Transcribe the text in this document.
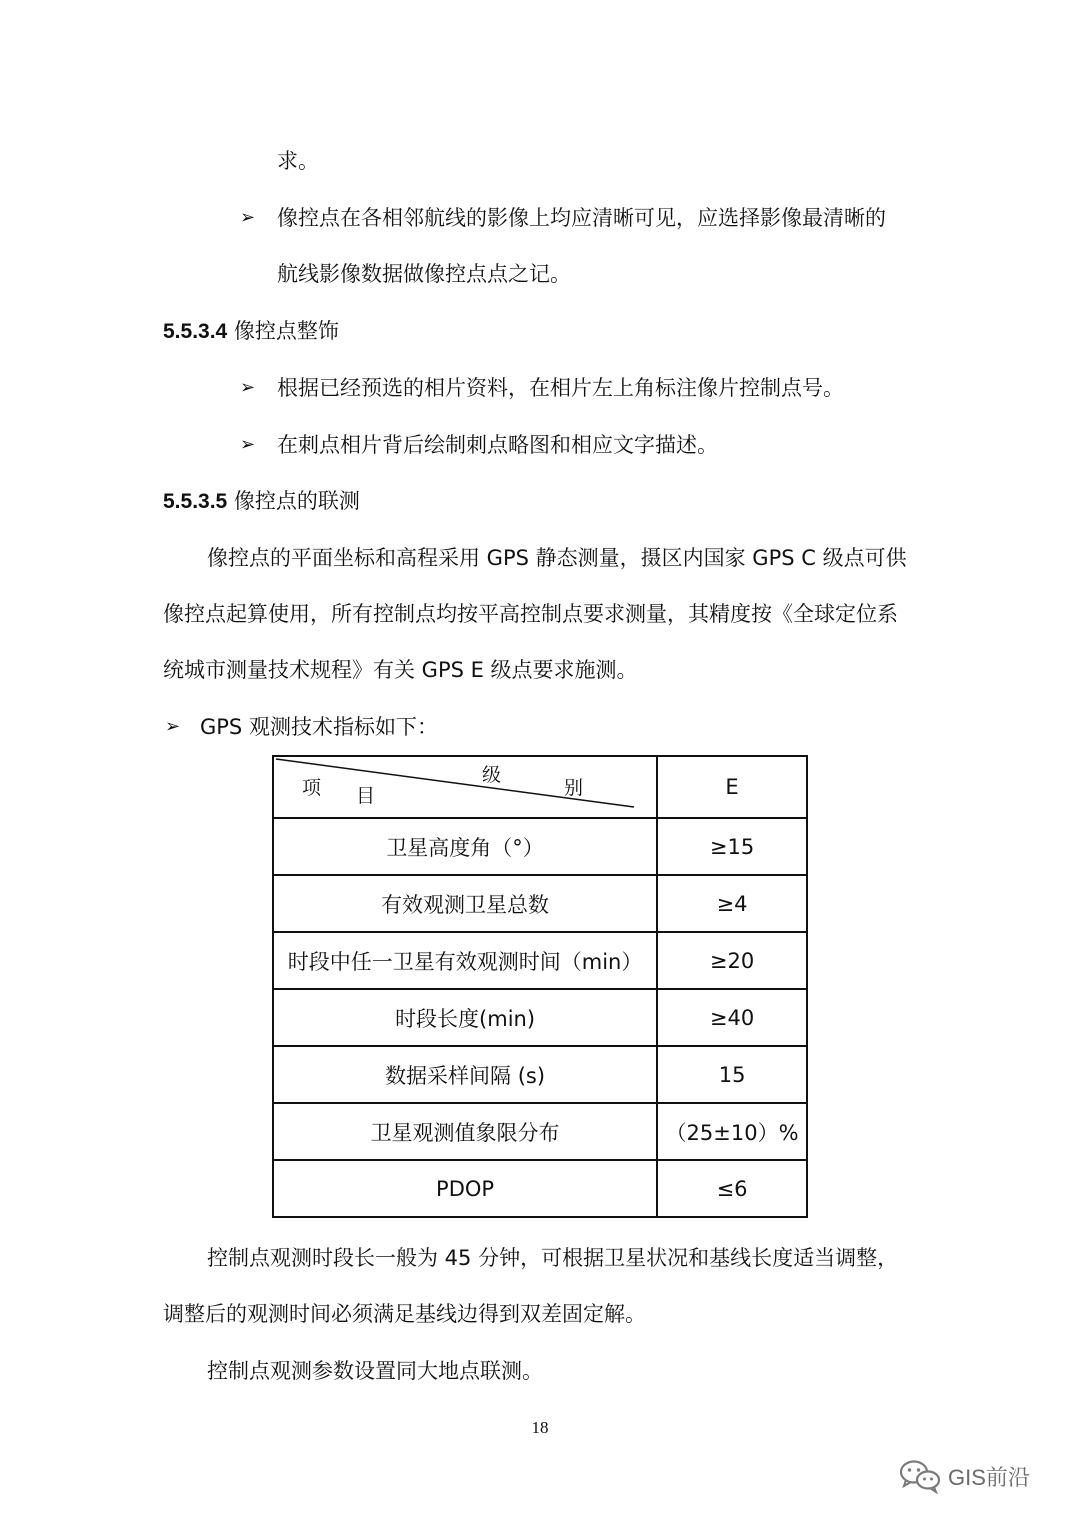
求。
➢ 像控点在各相邻航线的影像上均应清晰可见，应选择影像最清晰的
航线影像数据做像控点点之记。
5.5.3.4 像控点整饰
➢ 根据已经预选的相片资料，在相片左上角标注像片控制点号。
➢ 在刺点相片背后绘制刺点略图和相应文字描述。
5.5.3.5 像控点的联测
像控点的平面坐标和高程采用 GPS 静态测量，摄区内国家 GPS C 级点可供
像控点起算使用，所有控制点均按平高控制点要求测量，其精度按《全球定位系
统城市测量技术规程》有关 GPS E 级点要求施测。
➢ GPS 观测技术指标如下：
项 目
级
别	E
卫星高度角（°）	≥15
有效观测卫星总数	≥4
时段中任一卫星有效观测时间（min）	≥20
时段长度(min)	≥40
数据采样间隔 (s)	15
卫星观测值象限分布	（25±10）%
PDOP	≤6
控制点观测时段长一般为 45 分钟，可根据卫星状况和基线长度适当调整，
调整后的观测时间必须满足基线边得到双差固定解。
控制点观测参数设置同大地点联测。
18
GIS前沿
